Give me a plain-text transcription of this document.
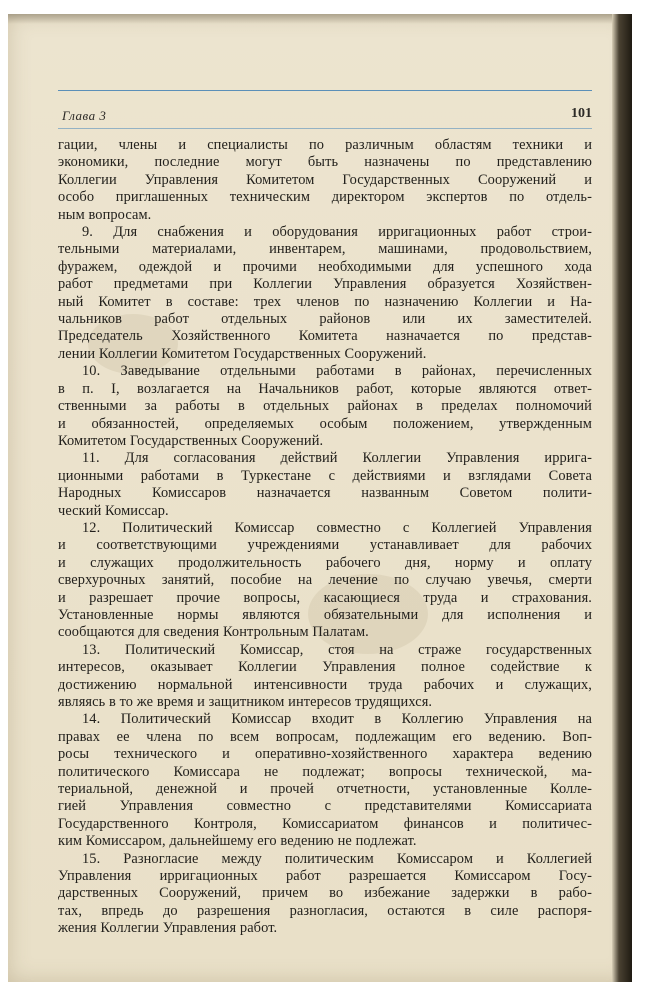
Глава 3	101
гации, члены и специалисты по различным областям техники и
экономики, последние могут быть назначены по представлению
Коллегии Управления Комитетом Государственных Сооружений и
особо приглашенных техническим директором экспертов по отдель-
ным вопросам.
9. Для снабжения и оборудования ирригационных работ строи-
тельными материалами, инвентарем, машинами, продовольствием,
фуражем, одеждой и прочими необходимыми для успешного хода
работ предметами при Коллегии Управления образуется Хозяйствен-
ный Комитет в составе: трех членов по назначению Коллегии и На-
чальников работ отдельных районов или их заместителей.
Председатель Хозяйственного Комитета назначается по представ-
лении Коллегии Комитетом Государственных Сооружений.
10. Заведывание отдельными работами в районах, перечисленных
в п. I, возлагается на Начальников работ, которые являются ответ-
ственными за работы в отдельных районах в пределах полномочий
и обязанностей, определяемых особым положением, утвержденным
Комитетом Государственных Сооружений.
11. Для согласования действий Коллегии Управления ирригa-
ционными работами в Туркестане с действиями и взглядами Совета
Народных Комиссаров назначается названным Советом полити-
ческий Комиссар.
12. Политический Комиссар совместно с Коллегией Управления
и соответствующими учреждениями устанавливает для рабочих
и служащих продолжительность рабочего дня, норму и оплату
сверхурочных занятий, пособие на лечение по случаю увечья, смерти
и разрешает прочие вопросы, касающиеся труда и страхования.
Установленные нормы являются обязательными для исполнения и
сообщаются для сведения Контрольным Палатам.
13. Политический Комиссар, стоя на страже государственных
интересов, оказывает Коллегии Управления полное содействие к
достижению нормальной интенсивности труда рабочих и служащих,
являясь в то же время и защитником интересов трудящихся.
14. Политический Комиссар входит в Коллегию Управления на
правах ее члена по всем вопросам, подлежащим его ведению. Воп-
росы технического и оперативно-хозяйственного характера ведению
политического Комиссара не подлежат; вопросы технической, ма-
териальной, денежной и прочей отчетности, установленные Колле-
гией Управления совместно с представителями Комиссариата
Государственного Контроля, Комиссариатом финансов и политичес-
ким Комиссаром, дальнейшему его ведению не подлежат.
15. Разногласие между политическим Комиссаром и Коллегией
Управления ирригационных работ разрешается Комиссаром Госу-
дарственных Сооружений, причем во избежание задержки в рабо-
тах, впредь до разрешения разногласия, остаются в силе распоря-
жения Коллегии Управления работ.
